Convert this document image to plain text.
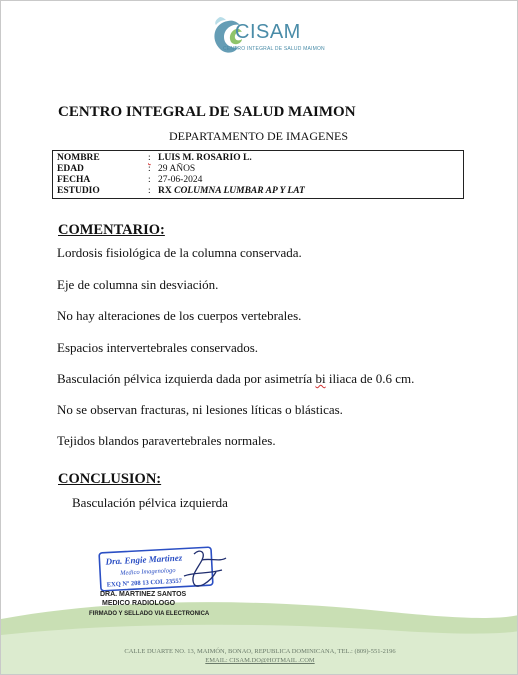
CISAM
CENTRO INTEGRAL DE SALUD MAIMON
CENTRO INTEGRAL DE SALUD MAIMON
DEPARTAMENTO DE IMAGENES
NOMBRE	: LUIS M. ROSARIO L.
EDAD	: 29 AÑOS
FECHA	: 27-06-2024
ESTUDIO	: RX COLUMNA LUMBAR AP Y LAT
COMENTARIO:
Lordosis fisiológica de la columna conservada.
Eje de columna sin desviación.
No hay alteraciones de los cuerpos vertebrales.
Espacios intervertebrales conservados.
Basculación pélvica izquierda dada por asimetría bi iliaca de 0.6 cm.
No se observan fracturas, ni lesiones líticas o blásticas.
Tejidos blandos paravertebrales normales.
CONCLUSION:
Basculación pélvica izquierda
Dra. Engie Martinez
Medico Imagenologo
EXQ Nº 208 13 COL 23557
DRA. MARTINEZ SANTOS
MEDICO RADIOLOGO
FIRMADO Y SELLADO VIA ELECTRONICA
CALLE DUARTE NO. 13, MAIMÓN, BONAO, REPUBLICA DOMINICANA, TEL.: (809)-551-2196
EMAIL: CISAM.DO@HOTMAIL .COM
